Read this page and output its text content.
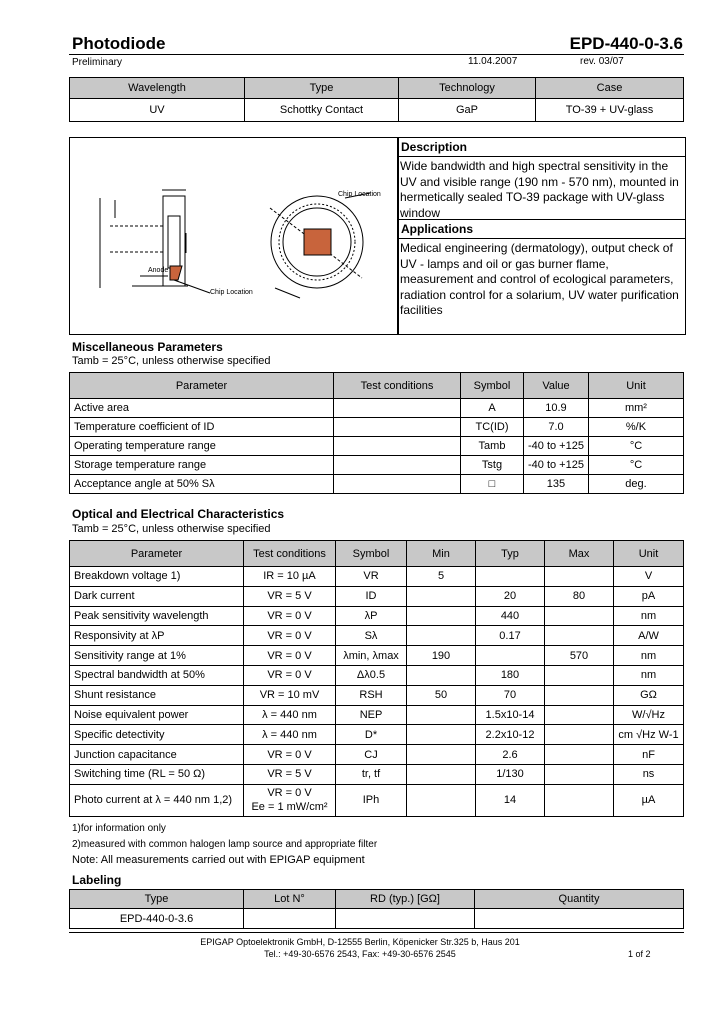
Photodiode	EPD-440-0-3.6
Preliminary	11.04.2007	rev. 03/07
Wavelength	Type	Technology	Case
UV	Schottky Contact	GaP	TO-39 + UV-glass
Anode
Chip Location
Chip Location
Description
Wide bandwidth and high spectral sensitivity in the UV and visible range (190 nm - 570 nm), mounted in hermetically sealed TO-39 package with UV-glass window
Applications
Medical engineering (dermatology), output check of UV - lamps and oil or gas burner flame, measurement and control of ecological parameters, radiation control for a solarium, UV water purification facilities
Miscellaneous Parameters
Tamb = 25°C, unless otherwise specified
Parameter	Test conditions	Symbol	Value	Unit
Active area		A	10.9	mm²
Temperature coefficient of ID		TC(ID)	7.0	%/K
Operating temperature range		Tamb	-40 to +125	°C
Storage temperature range		Tstg	-40 to +125	°C
Acceptance angle at 50% Sλ		□	135	deg.
Optical and Electrical Characteristics
Tamb = 25°C, unless otherwise specified
Parameter	Test conditions	Symbol	Min	Typ	Max	Unit
Breakdown voltage 1)	IR = 10 µA	VR	5			V
Dark current	VR = 5 V	ID		20	80	pA
Peak sensitivity wavelength	VR = 0 V	λP		440		nm
Responsivity at λP	VR = 0 V	Sλ		0.17		A/W
Sensitivity range at 1%	VR = 0 V	λmin, λmax	190		570	nm
Spectral bandwidth at 50%	VR = 0 V	Δλ0.5		180		nm
Shunt resistance	VR = 10 mV	RSH	50	70		GΩ
Noise equivalent power	λ = 440 nm	NEP		1.5x10-14		W/√Hz
Specific detectivity	λ = 440 nm	D*		2.2x10-12		cm √Hz W-1
Junction capacitance	VR = 0 V	CJ		2.6		nF
Switching time (RL = 50 Ω)	VR = 5 V	tr, tf		1/130		ns
Photo current at λ = 440 nm 1,2)	VR = 0 V
Ee = 1 mW/cm²	IPh		14		µA
1)for information only
2)measured with common halogen lamp source and appropriate filter
Note: All measurements carried out with EPIGAP equipment
Labeling
Type	Lot N°	RD (typ.) [GΩ]	Quantity
EPD-440-0-3.6			
EPIGAP Optoelektronik GmbH, D-12555 Berlin, Köpenicker Str.325 b, Haus 201
Tel.: +49-30-6576 2543, Fax: +49-30-6576 2545	1 of 2
